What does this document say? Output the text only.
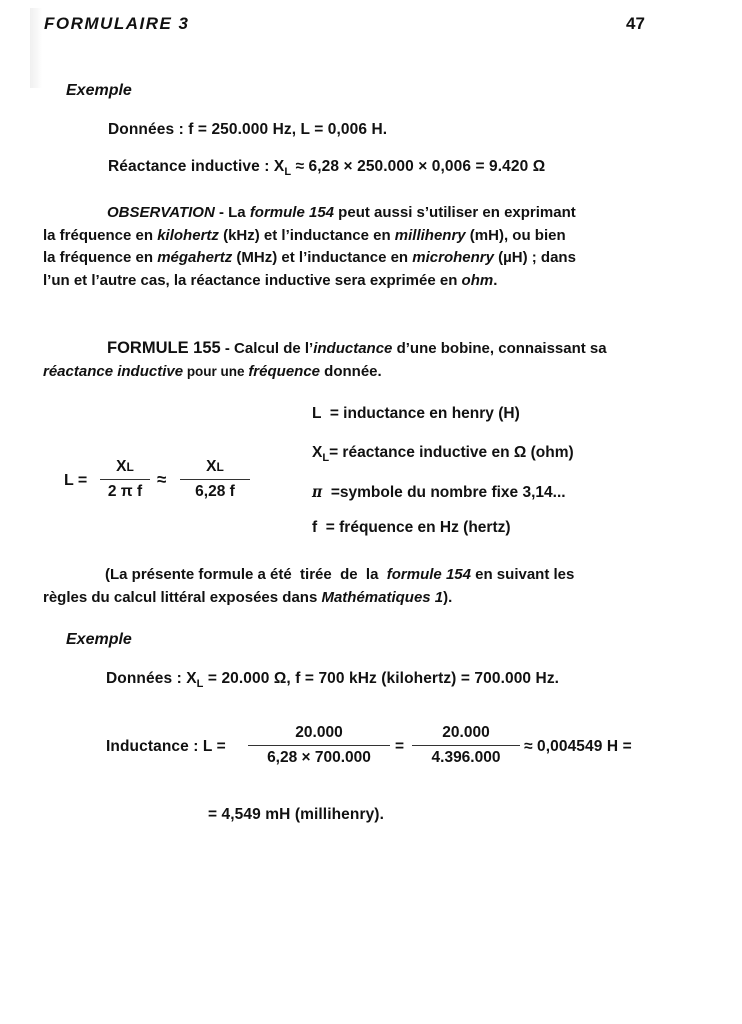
FORMULAIRE 3	47
Exemple
Données : f = 250.000 Hz, L = 0,006 H.
Réactance inductive : $X_L \approx 6,28 \times 250.000 \times 0,006 = 9.420$ Ω
OBSERVATION - La formule 154 peut aussi s’utiliser en exprimant
la fréquence en kilohertz (kHz) et l’inductance en millihenry (mH), ou bien
la fréquence en mégahertz (MHz) et l’inductance en microhenry (µH) ; dans
l’un et l’autre cas, la réactance inductive sera exprimée en ohm.
FORMULE 155 - Calcul de l’inductance d’une bobine, connaissant sa
réactance inductive pour une fréquence donnée.
L =
XL
2 π f
≈
XL
6,28 f
L  = inductance en henry (H)
$X_L=$ réactance inductive en Ω (ohm)
π  =symbole du nombre fixe 3,14...
f  = fréquence en Hz (hertz)
(La présente formule a été  tirée  de  la  formule 154 en suivant les
règles du calcul littéral exposées dans Mathématiques 1).
Exemple
Données : $X_L = 20.000$ Ω, f = 700 kHz (kilohertz) = 700.000 Hz.
Inductance : L =
20.000
6,28 × 700.000
=
20.000
4.396.000
≈ 0,004549 H =
= 4,549 mH (millihenry).
